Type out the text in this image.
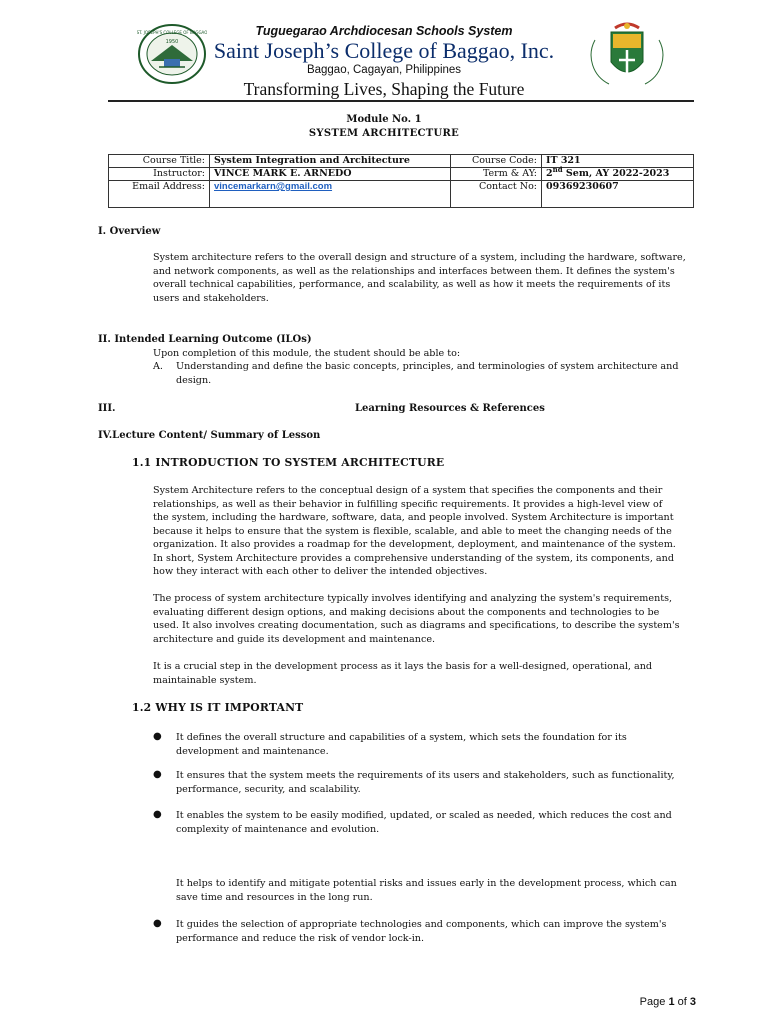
ST. JOSEPH'S COLLEGE OF BAGGAO
1950
Tuguegarao Archdiocesan Schools System
Saint Joseph’s College of Baggao, Inc.
Baggao, Cagayan, Philippines
Transforming Lives, Shaping the Future
Module No. 1
SYSTEM ARCHITECTURE
Course Title:	System Integration and Architecture	Course Code:	IT 321
Instructor:	VINCE MARK E. ARNEDO	Term & AY:	2nd Sem, AY 2022-2023
Email Address:	vincemarkarn@gmail.com	Contact No:	09369230607
I. Overview
System architecture refers to the overall design and structure of a system, including the hardware, software,
and network components, as well as the relationships and interfaces between them. It defines the system's
overall technical capabilities, performance, and scalability, as well as how it meets the requirements of its
users and stakeholders.
II. Intended Learning Outcome (ILOs)
Upon completion of this module, the student should be able to:
A. Understanding and define the basic concepts, principles, and terminologies of system architecture and
design.
III.	Learning Resources & References
IV.Lecture Content/ Summary of Lesson
1.1 INTRODUCTION TO SYSTEM ARCHITECTURE
System Architecture refers to the conceptual design of a system that specifies the components and their
relationships, as well as their behavior in fulfilling specific requirements. It provides a high-level view of
the system, including the hardware, software, data, and people involved. System Architecture is important
because it helps to ensure that the system is flexible, scalable, and able to meet the changing needs of the
organization. It also provides a roadmap for the development, deployment, and maintenance of the system.
In short, System Architecture provides a comprehensive understanding of the system, its components, and
how they interact with each other to deliver the intended objectives.
The process of system architecture typically involves identifying and analyzing the system's requirements,
evaluating different design options, and making decisions about the components and technologies to be
used. It also involves creating documentation, such as diagrams and specifications, to describe the system's
architecture and guide its development and maintenance.
It is a crucial step in the development process as it lays the basis for a well-designed, operational, and
maintainable system.
1.2 WHY IS IT IMPORTANT
● It defines the overall structure and capabilities of a system, which sets the foundation for its
development and maintenance.
● It ensures that the system meets the requirements of its users and stakeholders, such as functionality,
performance, security, and scalability.
● It enables the system to be easily modified, updated, or scaled as needed, which reduces the cost and
complexity of maintenance and evolution.
It helps to identify and mitigate potential risks and issues early in the development process, which can
save time and resources in the long run.
● It guides the selection of appropriate technologies and components, which can improve the system's
performance and reduce the risk of vendor lock-in.
Page 1 of 3
